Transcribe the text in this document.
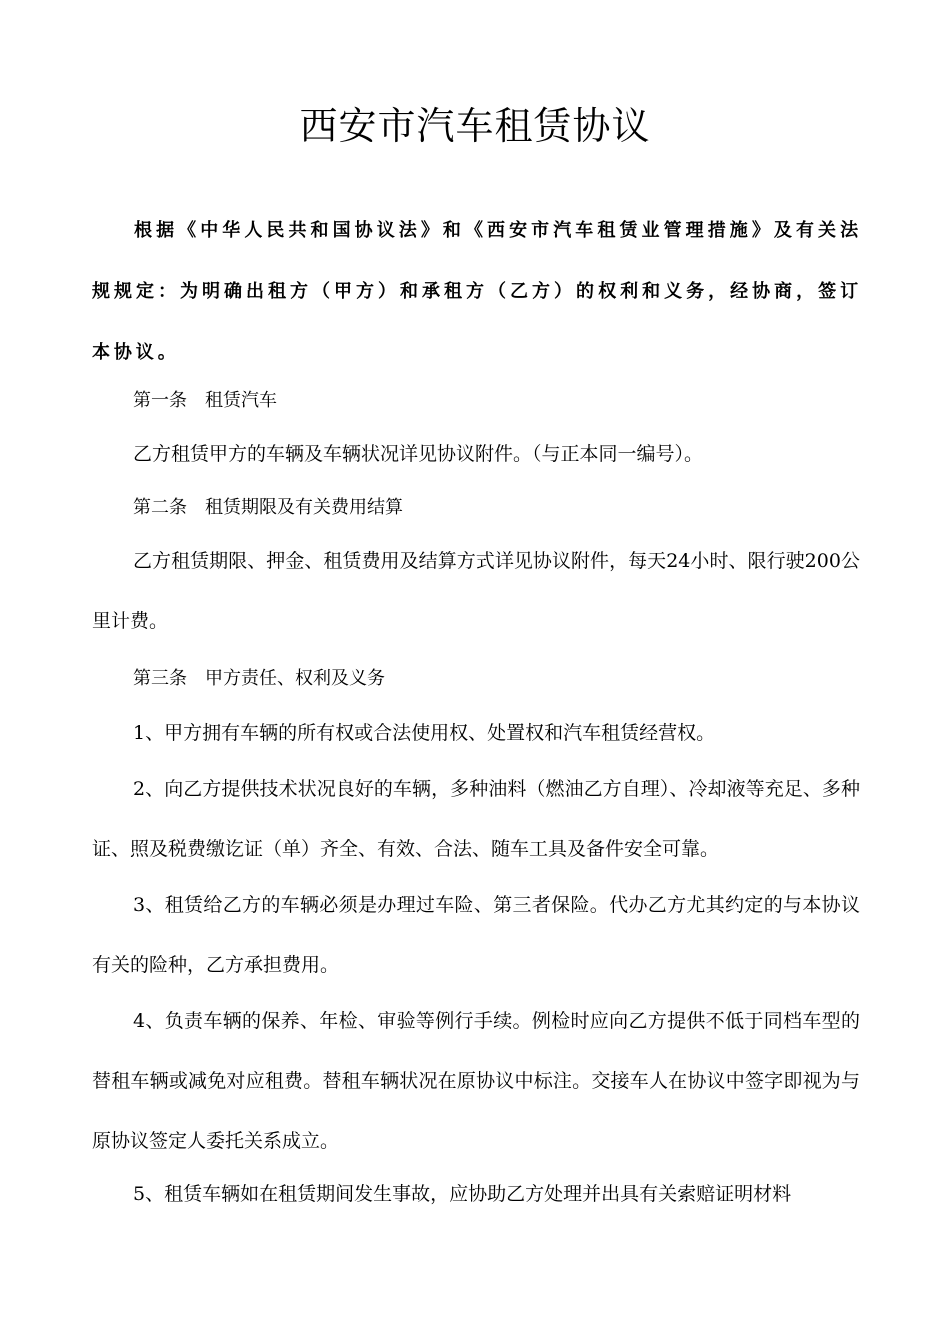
西安市汽车租赁协议

根据《中华人民共和国协议法》和《西安市汽车租赁业管理措施》及有关法规规定：为明确出租方（甲方）和承租方（乙方）的权利和义务，经协商，签订本协议。

第一条　租赁汽车
乙方租赁甲方的车辆及车辆状况详见协议附件。（与正本同一编号）。
第二条　租赁期限及有关费用结算

乙方租赁期限、押金、租赁费用及结算方式详见协议附件，每天24小时、限行驶200公里计费。

第三条　甲方责任、权利及义务
1、甲方拥有车辆的所有权或合法使用权、处置权和汽车租赁经营权。

2、向乙方提供技术状况良好的车辆，多种油料（燃油乙方自理）、冷却液等充足、多种证、照及税费缴讫证（单）齐全、有效、合法、随车工具及备件安全可靠。

3、租赁给乙方的车辆必须是办理过车险、第三者保险。代办乙方尤其约定的与本协议有关的险种，乙方承担费用。

4、负责车辆的保养、年检、审验等例行手续。例检时应向乙方提供不低于同档车型的替租车辆或减免对应租费。替租车辆状况在原协议中标注。交接车人在协议中签字即视为与原协议签定人委托关系成立。

5、租赁车辆如在租赁期间发生事故，应协助乙方处理并出具有关索赔证明材料
